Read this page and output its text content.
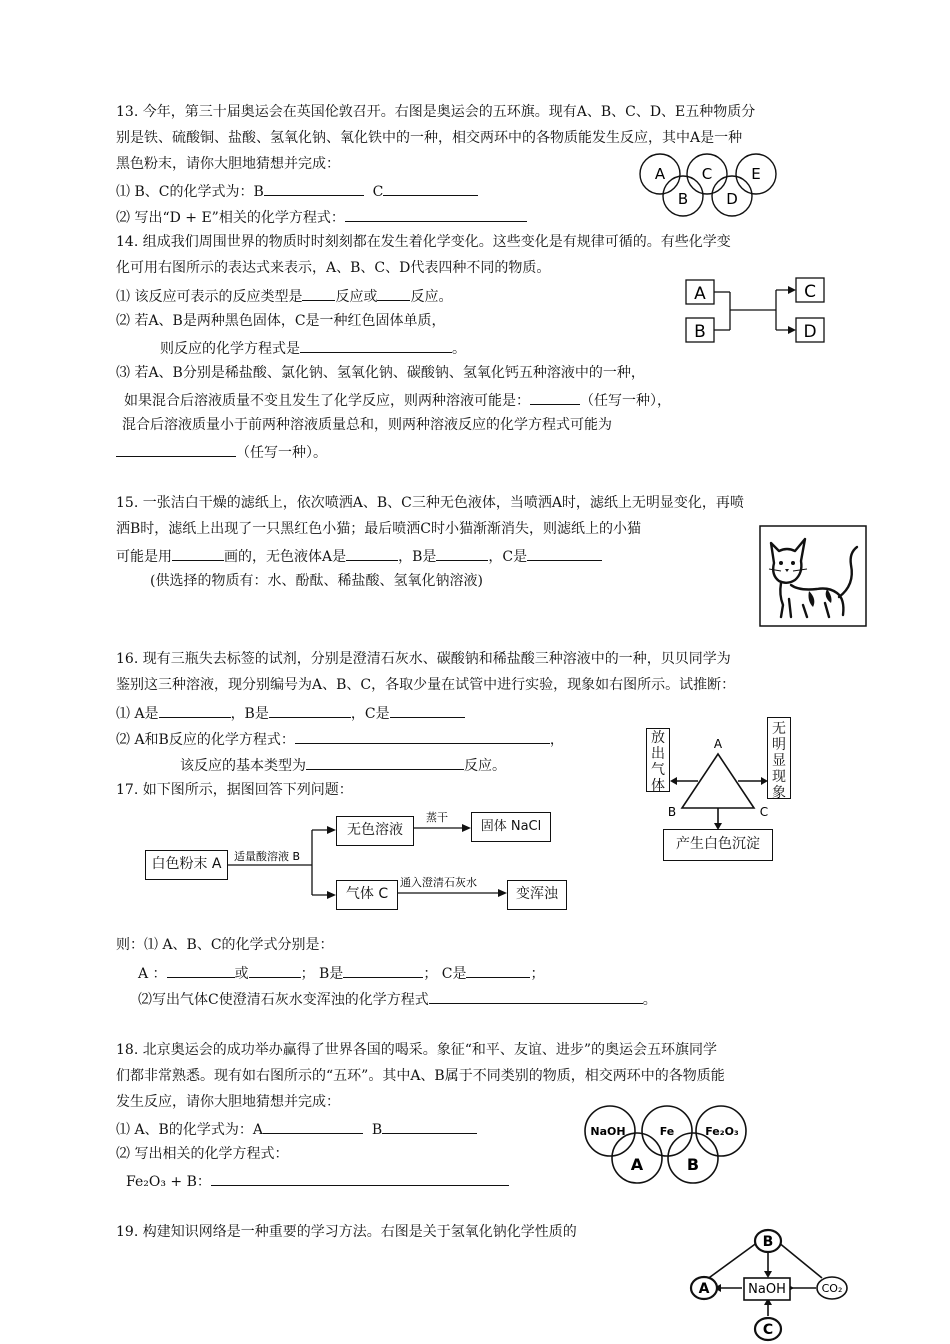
13. 今年，第三十届奥运会在英国伦敦召开。右图是奥运会的五环旗。现有A、B、C、D、E五种物质分
别是铁、硫酸铜、盐酸、氢氧化钠、氧化铁中的一种，相交两环中的各物质能发生反应，其中A是一种
黑色粉末，请你大胆地猜想并完成：
⑴ B、C的化学式为：B	C
⑵ 写出“D + E”相关的化学方程式：
A
B
C
D
E
14. 组成我们周围世界的物质时时刻刻都在发生着化学变化。这些变化是有规律可循的。有些化学变
化可用右图所示的表达式来表示，A、B、C、D代表四种不同的物质。
⑴ 该反应可表示的反应类型是 反应或 反应。
⑵ 若A、B是两种黑色固体，C是一种红色固体单质，
则反应的化学方程式是	。
⑶ 若A、B分别是稀盐酸、氯化钠、氢氧化钠、碳酸钠、氢氧化钙五种溶液中的一种，
如果混合后溶液质量不变且发生了化学反应，则两种溶液可能是：	（任写一种），
混合后溶液质量小于前两种溶液质量总和，则两种溶液反应的化学方程式可能为
（任写一种）。
A
B
C
D
15. 一张洁白干燥的滤纸上，依次喷洒A、B、C三种无色液体，当喷洒A时，滤纸上无明显变化，再喷
洒B时，滤纸上出现了一只黑红色小猫；最后喷洒C时小猫渐渐消失，则滤纸上的小猫
可能是用	画的，无色液体A是	，B是	，C是
(供选择的物质有：水、酚酞、稀盐酸、氢氧化钠溶液)
16. 现有三瓶失去标签的试剂，分别是澄清石灰水、碳酸钠和稀盐酸三种溶液中的一种，贝贝同学为
鉴别这三种溶液，现分别编号为A、B、C，各取少量在试管中进行实验，现象如右图所示。试推断：
⑴ A是	，B是	，C是
⑵ A和B反应的化学方程式：	，
该反应的基本类型为	反应。
放出气体
无明显现象
产生白色沉淀
A
B	C
17. 如下图所示，据图回答下列问题：
白色粉末 A
无色溶液	固体 NaCl
气体 C	变浑浊
适量酸溶液 B
蒸干
通入澄清石灰水
则：⑴ A、B、C的化学式分别是：
A ：	或	； B是	； C是	；
⑵写出气体C使澄清石灰水变浑浊的化学方程式	。
18. 北京奥运会的成功举办赢得了世界各国的喝采。象征“和平、友谊、进步”的奥运会五环旗同学
们都非常熟悉。现有如右图所示的“五环”。其中A、B属于不同类别的物质，相交两环中的各物质能
发生反应，请你大胆地猜想并完成：
⑴ A、B的化学式为：A	B
⑵ 写出相关的化学方程式：
Fe₂O₃ + B：
NaOH	Fe	Fe₂O₃
A	B
19. 构建知识网络是一种重要的学习方法。右图是关于氢氧化钠化学性质的
B
A
C
NaOH	CO₂
